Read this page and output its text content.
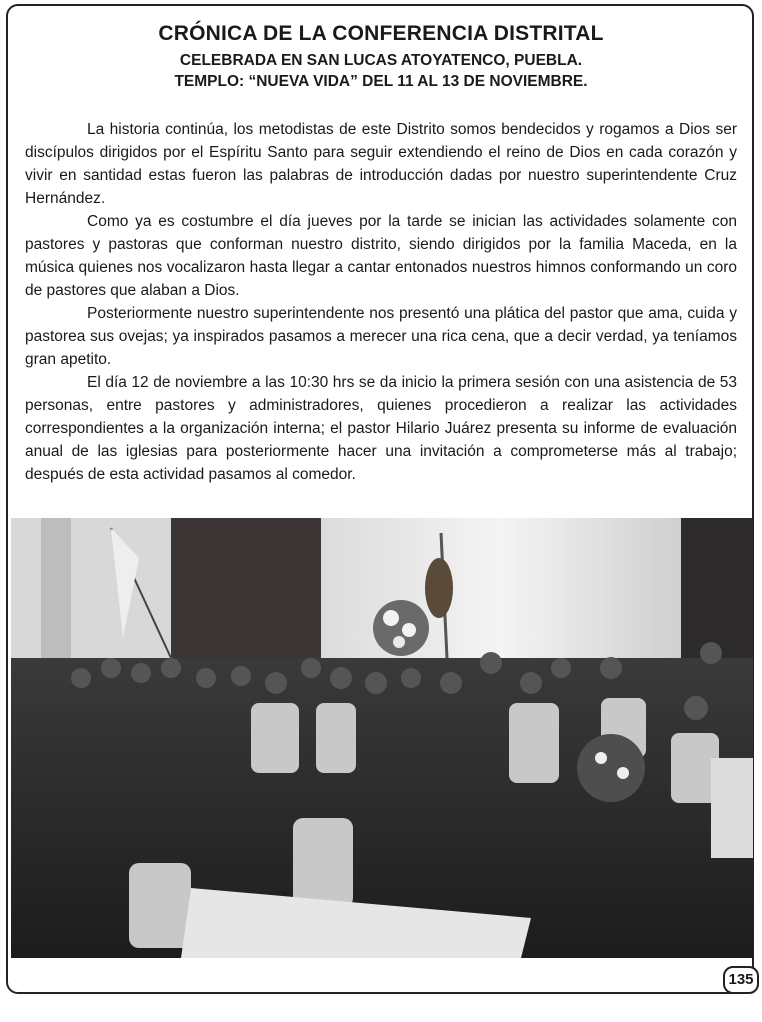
CRÓNICA DE LA CONFERENCIA DISTRITAL
CELEBRADA EN SAN LUCAS ATOYATENCO, PUEBLA.
TEMPLO: “NUEVA VIDA” DEL 11 AL 13 DE NOVIEMBRE.

La historia continúa, los metodistas de este Distrito somos bendecidos y rogamos a Dios ser discípulos dirigidos por el Espíritu Santo para seguir extendiendo el reino de Dios en cada corazón y vivir en santidad estas fueron las palabras de introducción dadas por nuestro superintendente Cruz Hernández.

Como ya es costumbre el día jueves por la tarde se inician las actividades solamente con pastores y pastoras que conforman nuestro distrito, siendo dirigidos por la familia Maceda, en la música quienes nos vocalizaron hasta llegar a cantar entonados nuestros himnos conformando un coro de pastores que alaban a Dios.

Posteriormente nuestro superintendente nos presentó una plática del pastor que ama, cuida y pastorea sus ovejas; ya inspirados pasamos a merecer una rica cena, que a decir verdad, ya teníamos gran apetito.

El día 12 de noviembre a las 10:30 hrs se da inicio la primera sesión con una asistencia de 53 personas, entre pastores y administradores, quienes procedieron a realizar las actividades correspondientes a la organización interna; el pastor Hilario Juárez presenta su informe de evaluación anual de las iglesias para posteriormente hacer una invitación a comprometerse más al trabajo; después de esta actividad pasamos al comedor.

135
